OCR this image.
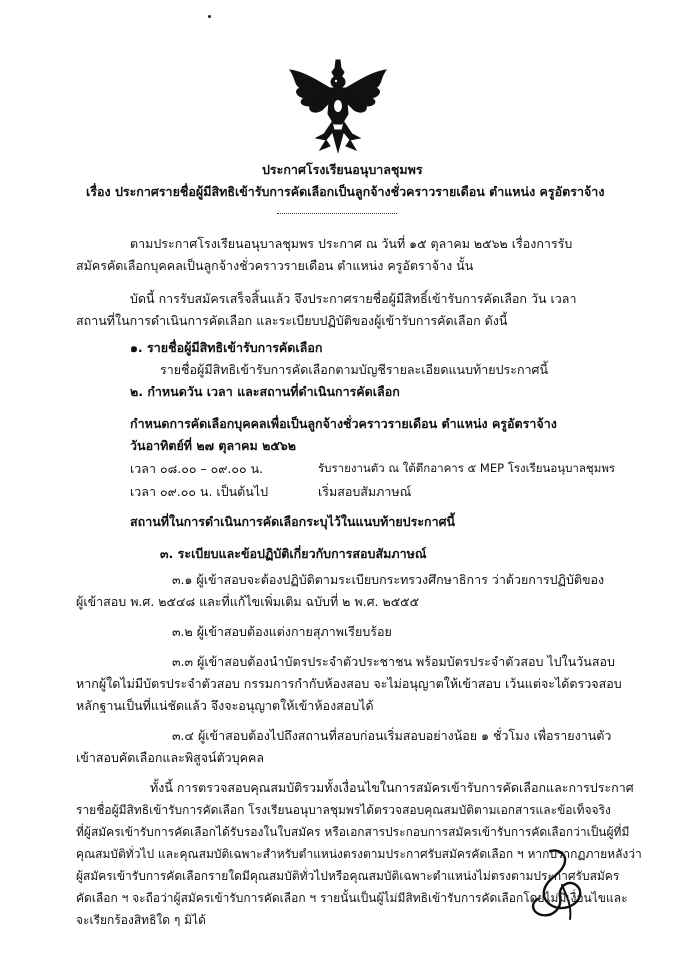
ประกาศโรงเรียนอนุบาลชุมพร
เรื่อง ประกาศรายชื่อผู้มีสิทธิเข้ารับการคัดเลือกเป็นลูกจ้างชั่วคราวรายเดือน ตำแหน่ง ครูอัตราจ้าง
ตามประกาศโรงเรียนอนุบาลชุมพร ประกาศ ณ วันที่ ๑๕ ตุลาคม ๒๕๖๒ เรื่องการรับ
สมัครคัดเลือกบุคคลเป็นลูกจ้างชั่วคราวรายเดือน ตำแหน่ง ครูอัตราจ้าง นั้น
บัดนี้ การรับสมัครเสร็จสิ้นแล้ว จึงประกาศรายชื่อผู้มีสิทธิ์เข้ารับการคัดเลือก วัน เวลา
สถานที่ในการดำเนินการคัดเลือก และระเบียบปฏิบัติของผู้เข้ารับการคัดเลือก ดังนี้
๑. รายชื่อผู้มีสิทธิเข้ารับการคัดเลือก
รายชื่อผู้มีสิทธิเข้ารับการคัดเลือกตามบัญชีรายละเอียดแนบท้ายประกาศนี้
๒. กำหนดวัน เวลา และสถานที่ดำเนินการคัดเลือก
กำหนดการคัดเลือกบุคคลเพื่อเป็นลูกจ้างชั่วคราวรายเดือน ตำแหน่ง ครูอัตราจ้าง
วันอาทิตย์ที่ ๒๗ ตุลาคม ๒๕๖๒
เวลา ๐๘.๐๐ – ๐๙.๐๐ น.	รับรายงานตัว ณ ใต้ตึกอาคาร ๕ MEP โรงเรียนอนุบาลชุมพร
เวลา ๐๙.๐๐ น. เป็นต้นไป	เริ่มสอบสัมภาษณ์
สถานที่ในการดำเนินการคัดเลือกระบุไว้ในแนบท้ายประกาศนี้
๓. ระเบียบและข้อปฏิบัติเกี่ยวกับการสอบสัมภาษณ์
๓.๑ ผู้เข้าสอบจะต้องปฏิบัติตามระเบียบกระทรวงศึกษาธิการ ว่าด้วยการปฏิบัติของ
ผู้เข้าสอบ พ.ศ. ๒๕๔๘ และที่แก้ไขเพิ่มเติม ฉบับที่ ๒ พ.ศ. ๒๕๕๕
๓.๒ ผู้เข้าสอบต้องแต่งกายสุภาพเรียบร้อย
๓.๓ ผู้เข้าสอบต้องนำบัตรประจำตัวประชาชน พร้อมบัตรประจำตัวสอบ ไปในวันสอบ
หากผู้ใดไม่มีบัตรประจำตัวสอบ กรรมการกำกับห้องสอบ จะไม่อนุญาตให้เข้าสอบ เว้นแต่จะได้ตรวจสอบ
หลักฐานเป็นที่แน่ชัดแล้ว จึงจะอนุญาตให้เข้าห้องสอบได้
๓.๔ ผู้เข้าสอบต้องไปถึงสถานที่สอบก่อนเริ่มสอบอย่างน้อย ๑ ชั่วโมง เพื่อรายงานตัว
เข้าสอบคัดเลือกและพิสูจน์ตัวบุคคล
ทั้งนี้ การตรวจสอบคุณสมบัติรวมทั้งเงื่อนไขในการสมัครเข้ารับการคัดเลือกและการประกาศ
รายชื่อผู้มีสิทธิเข้ารับการคัดเลือก โรงเรียนอนุบาลชุมพรได้ตรวจสอบคุณสมบัติตามเอกสารและข้อเท็จจริง
ที่ผู้สมัครเข้ารับการคัดเลือกได้รับรองในใบสมัคร หรือเอกสารประกอบการสมัครเข้ารับการคัดเลือกว่าเป็นผู้ที่มี
คุณสมบัติทั่วไป และคุณสมบัติเฉพาะสำหรับตำแหน่งตรงตามประกาศรับสมัครคัดเลือก ฯ หากปรากฏภายหลังว่า
ผู้สมัครเข้ารับการคัดเลือกรายใดมีคุณสมบัติทั่วไปหรือคุณสมบัติเฉพาะตำแหน่งไม่ตรงตามประกาศรับสมัคร
คัดเลือก ฯ จะถือว่าผู้สมัครเข้ารับการคัดเลือก ฯ รายนั้นเป็นผู้ไม่มีสิทธิเข้ารับการคัดเลือกโดยไม่มีเงื่อนไขและ
จะเรียกร้องสิทธิใด ๆ มิได้
